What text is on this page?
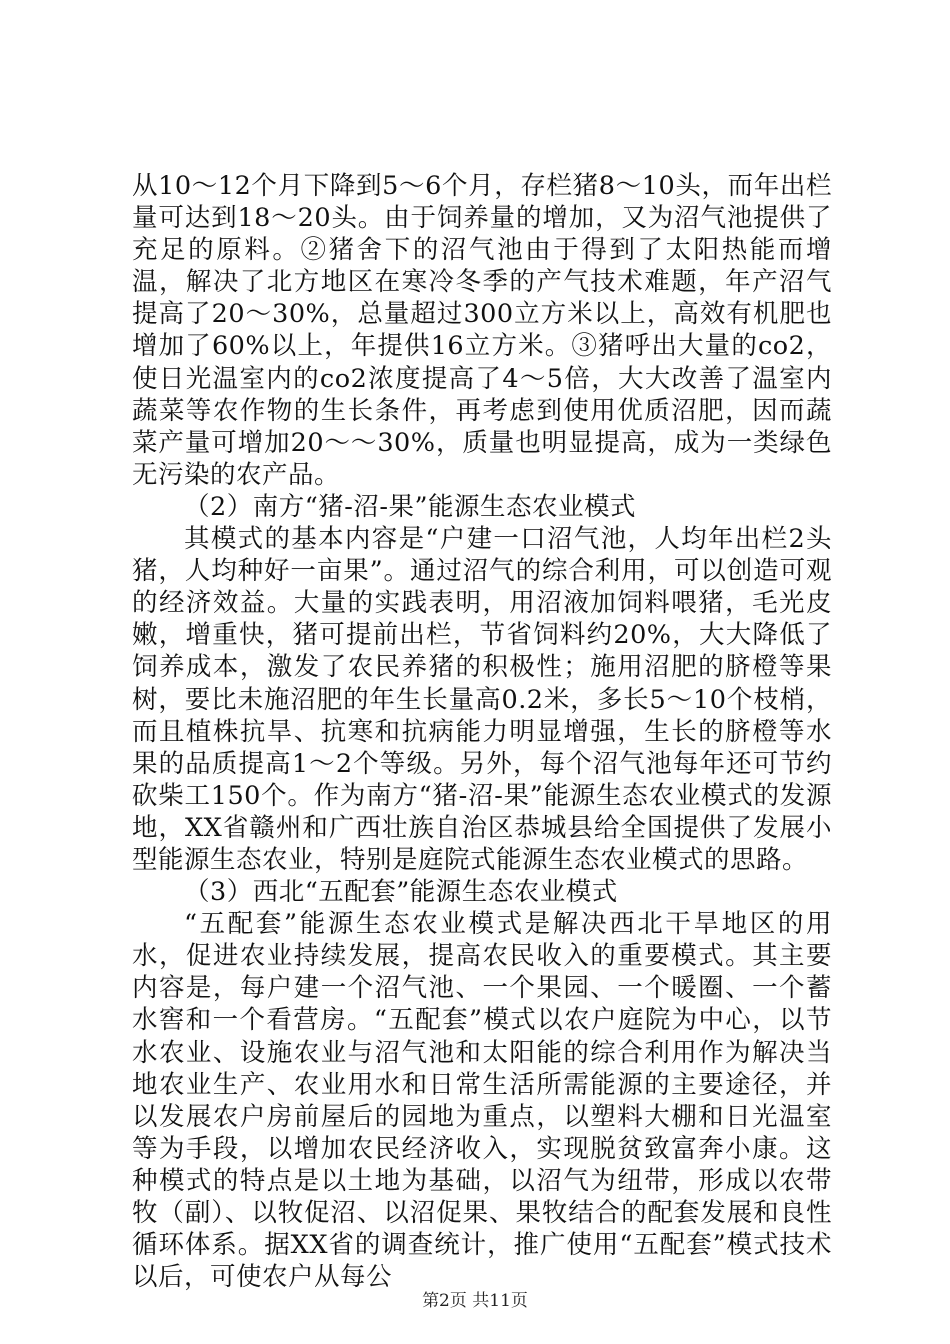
从10～12个月下降到5～6个月，存栏猪8～10头，而年出栏量可达到18～20头。由于饲养量的增加，又为沼气池提供了充足的原料。②猪舍下的沼气池由于得到了太阳热能而增温，解决了北方地区在寒冷冬季的产气技术难题，年产沼气提高了20～30%，总量超过300立方米以上，高效有机肥也增加了60%以上，年提供16立方米。③猪呼出大量的co2，使日光温室内的co2浓度提高了4～5倍，大大改善了温室内蔬菜等农作物的生长条件，再考虑到使用优质沼肥，因而蔬菜产量可增加20～～30%，质量也明显提高，成为一类绿色无污染的农产品。

（2）南方“猪-沼-果”能源生态农业模式

其模式的基本内容是“户建一口沼气池，人均年出栏2头猪，人均种好一亩果”。通过沼气的综合利用，可以创造可观的经济效益。大量的实践表明，用沼液加饲料喂猪，毛光皮嫩，增重快，猪可提前出栏，节省饲料约20%，大大降低了饲养成本，激发了农民养猪的积极性；施用沼肥的脐橙等果树，要比未施沼肥的年生长量高0.2米，多长5～10个枝梢，而且植株抗旱、抗寒和抗病能力明显增强，生长的脐橙等水果的品质提高1～2个等级。另外，每个沼气池每年还可节约砍柴工150个。作为南方“猪-沼-果”能源生态农业模式的发源地，XX省赣州和广西壮族自治区恭城县给全国提供了发展小型能源生态农业，特别是庭院式能源生态农业模式的思路。

（3）西北“五配套”能源生态农业模式

“五配套”能源生态农业模式是解决西北干旱地区的用水，促进农业持续发展，提高农民收入的重要模式。其主要内容是，每户建一个沼气池、一个果园、一个暖圈、一个蓄水窖和一个看营房。“五配套”模式以农户庭院为中心，以节水农业、设施农业与沼气池和太阳能的综合利用作为解决当地农业生产、农业用水和日常生活所需能源的主要途径，并以发展农户房前屋后的园地为重点，以塑料大棚和日光温室等为手段，以增加农民经济收入，实现脱贫致富奔小康。这种模式的特点是以土地为基础，以沼气为纽带，形成以农带牧（副）、以牧促沼、以沼促果、果牧结合的配套发展和良性循环体系。据XX省的调查统计，推广使用“五配套”模式技术以后，可使农户从每公

第2页 共11页
